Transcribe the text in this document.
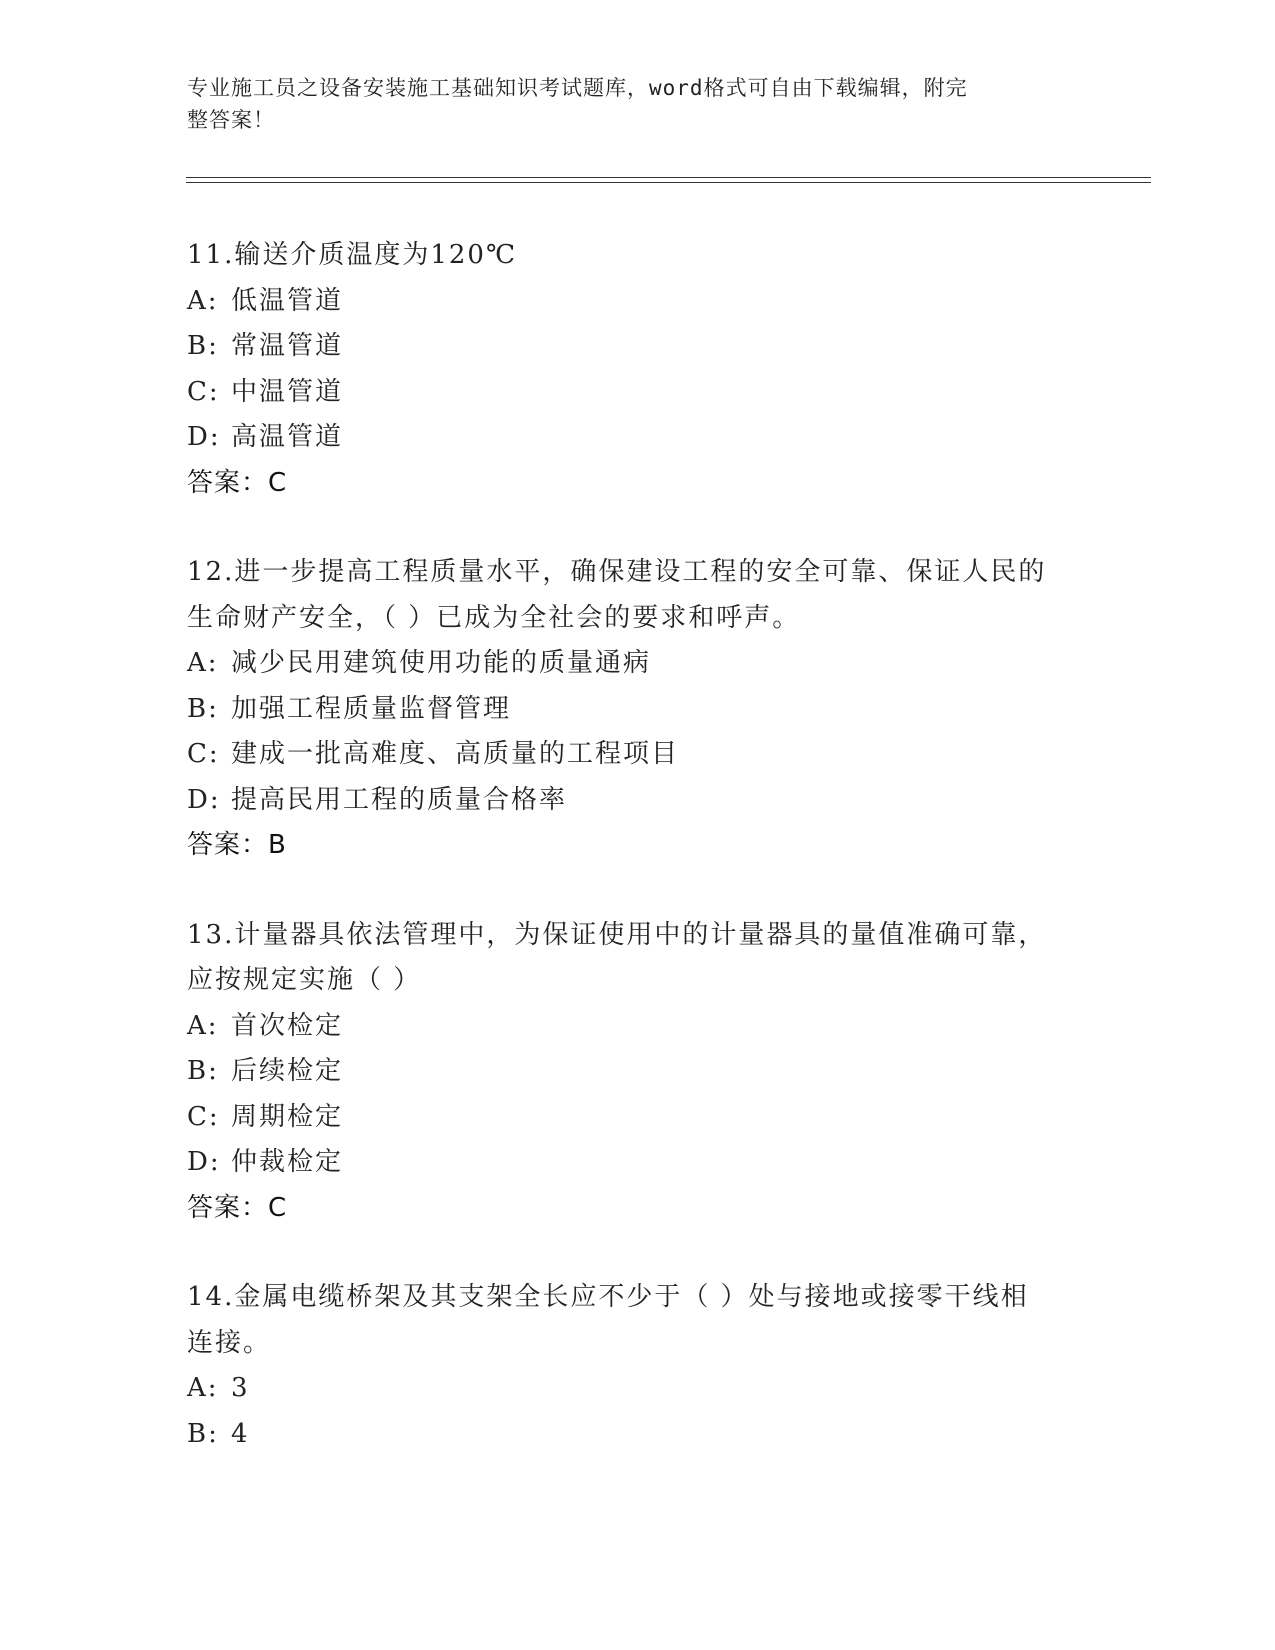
专业施工员之设备安装施工基础知识考试题库，word格式可自由下载编辑，附完
整答案！
11.输送介质温度为120℃
A: 低温管道
B: 常温管道
C: 中温管道
D: 高温管道
答案：C
12.进一步提高工程质量水平，确保建设工程的安全可靠、保证人民的
生命财产安全，（ ）已成为全社会的要求和呼声。
A: 减少民用建筑使用功能的质量通病
B: 加强工程质量监督管理
C: 建成一批高难度、高质量的工程项目
D: 提高民用工程的质量合格率
答案：B
13.计量器具依法管理中，为保证使用中的计量器具的量值准确可靠，
应按规定实施（ ）
A: 首次检定
B: 后续检定
C: 周期检定
D: 仲裁检定
答案：C
14.金属电缆桥架及其支架全长应不少于（ ）处与接地或接零干线相
连接。
A: 3
B: 4
